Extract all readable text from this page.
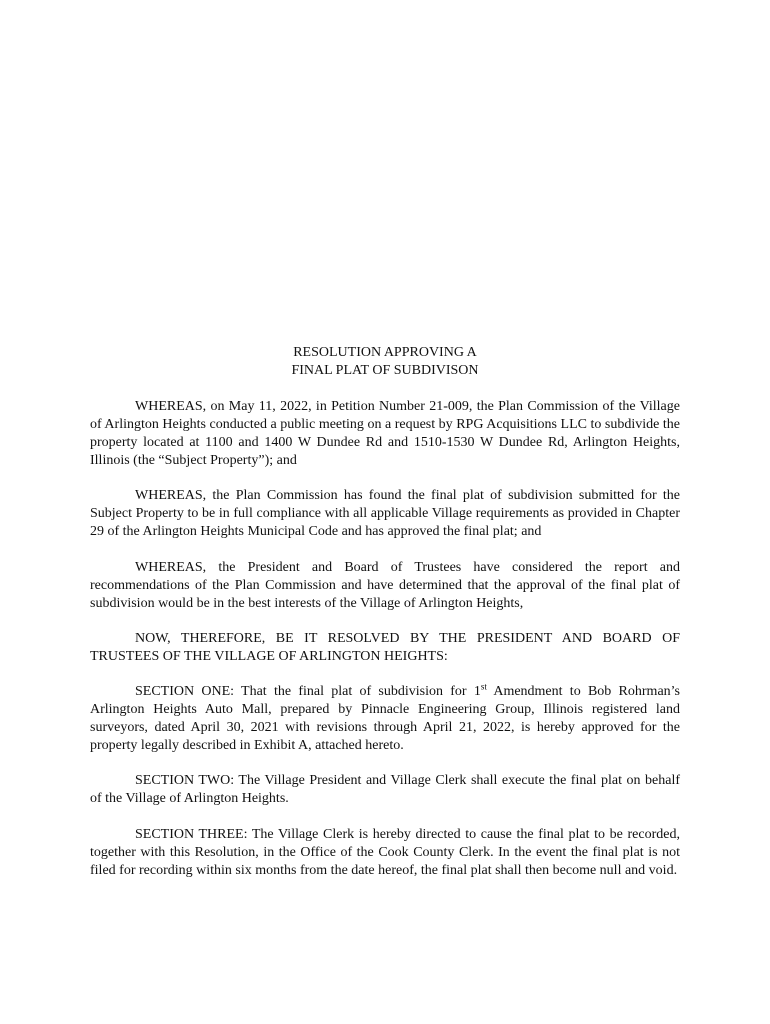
RESOLUTION APPROVING A
FINAL PLAT OF SUBDIVISON

WHEREAS, on May 11, 2022, in Petition Number 21-009, the Plan Commission of the Village of Arlington Heights conducted a public meeting on a request by RPG Acquisitions LLC to subdivide the property located at 1100 and 1400 W Dundee Rd and 1510-1530 W Dundee Rd, Arlington Heights, Illinois (the “Subject Property”); and

WHEREAS, the Plan Commission has found the final plat of subdivision submitted for the Subject Property to be in full compliance with all applicable Village requirements as provided in Chapter 29 of the Arlington Heights Municipal Code and has approved the final plat; and

WHEREAS, the President and Board of Trustees have considered the report and recommendations of the Plan Commission and have determined that the approval of the final plat of subdivision would be in the best interests of the Village of Arlington Heights,

NOW, THEREFORE, BE IT RESOLVED BY THE PRESIDENT AND BOARD OF TRUSTEES OF THE VILLAGE OF ARLINGTON HEIGHTS:

SECTION ONE: That the final plat of subdivision for 1st Amendment to Bob Rohrman’s Arlington Heights Auto Mall, prepared by Pinnacle Engineering Group, Illinois registered land surveyors, dated April 30, 2021 with revisions through April 21, 2022, is hereby approved for the property legally described in Exhibit A, attached hereto.

SECTION TWO: The Village President and Village Clerk shall execute the final plat on behalf of the Village of Arlington Heights.

SECTION THREE: The Village Clerk is hereby directed to cause the final plat to be recorded, together with this Resolution, in the Office of the Cook County Clerk. In the event the final plat is not filed for recording within six months from the date hereof, the final plat shall then become null and void.
